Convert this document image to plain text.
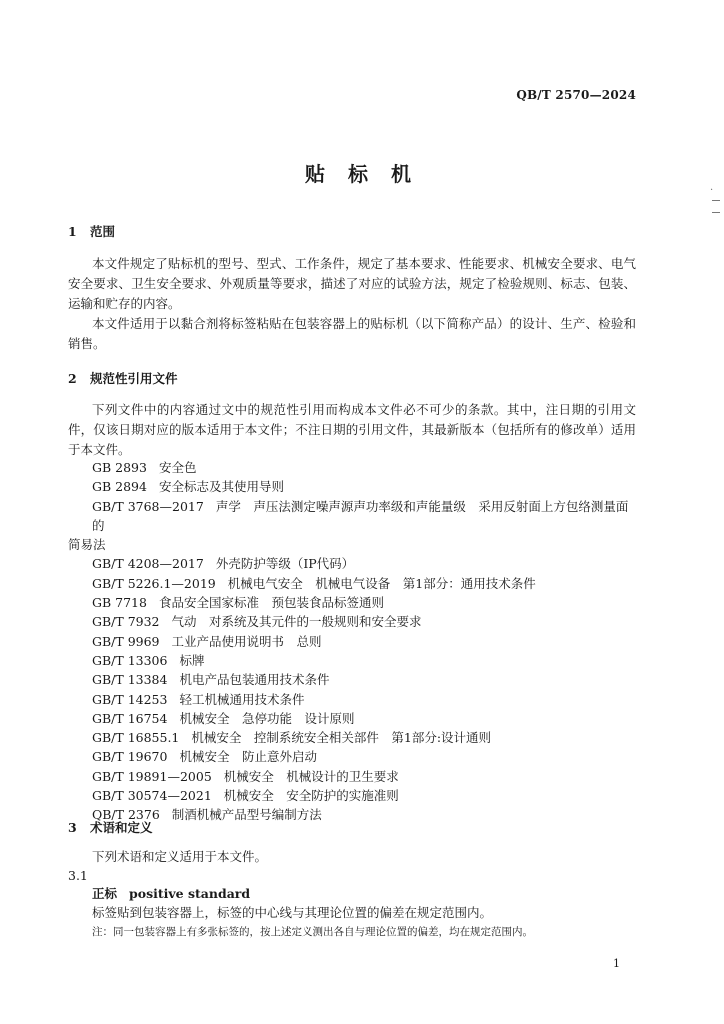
QB/T 2570—2024
贴 标 机
·
1 范围
本文件规定了贴标机的型号、型式、工作条件，规定了基本要求、性能要求、机械安全要求、电气安全要求、卫生安全要求、外观质量等要求，描述了对应的试验方法，规定了检验规则、标志、包装、运输和贮存的内容。
本文件适用于以黏合剂将标签粘贴在包装容器上的贴标机（以下简称产品）的设计、生产、检验和销售。
2 规范性引用文件
下列文件中的内容通过文中的规范性引用而构成本文件必不可少的条款。其中，注日期的引用文件，仅该日期对应的版本适用于本文件；不注日期的引用文件，其最新版本（包括所有的修改单）适用于本文件。
GB 2893 安全色
GB 2894 安全标志及其使用导则
GB/T 3768—2017 声学　声压法测定噪声源声功率级和声能量级　采用反射面上方包络测量面的
简易法
GB/T 4208—2017 外壳防护等级（IP代码）
GB/T 5226.1—2019 机械电气安全　机械电气设备　第1部分：通用技术条件
GB 7718 食品安全国家标准　预包装食品标签通则
GB/T 7932 气动　对系统及其元件的一般规则和安全要求
GB/T 9969 工业产品使用说明书　总则
GB/T 13306 标牌
GB/T 13384 机电产品包装通用技术条件
GB/T 14253 轻工机械通用技术条件
GB/T 16754 机械安全　急停功能　设计原则
GB/T 16855.1 机械安全　控制系统安全相关部件　第1部分:设计通则
GB/T 19670 机械安全　防止意外启动
GB/T 19891—2005 机械安全　机械设计的卫生要求
GB/T 30574—2021 机械安全　安全防护的实施准则
QB/T 2376 制酒机械产品型号编制方法
3 术语和定义
下列术语和定义适用于本文件。
3.1
正标 positive standard
标签贴到包装容器上，标签的中心线与其理论位置的偏差在规定范围内。
注：同一包装容器上有多张标签的，按上述定义测出各自与理论位置的偏差，均在规定范围内。
1
